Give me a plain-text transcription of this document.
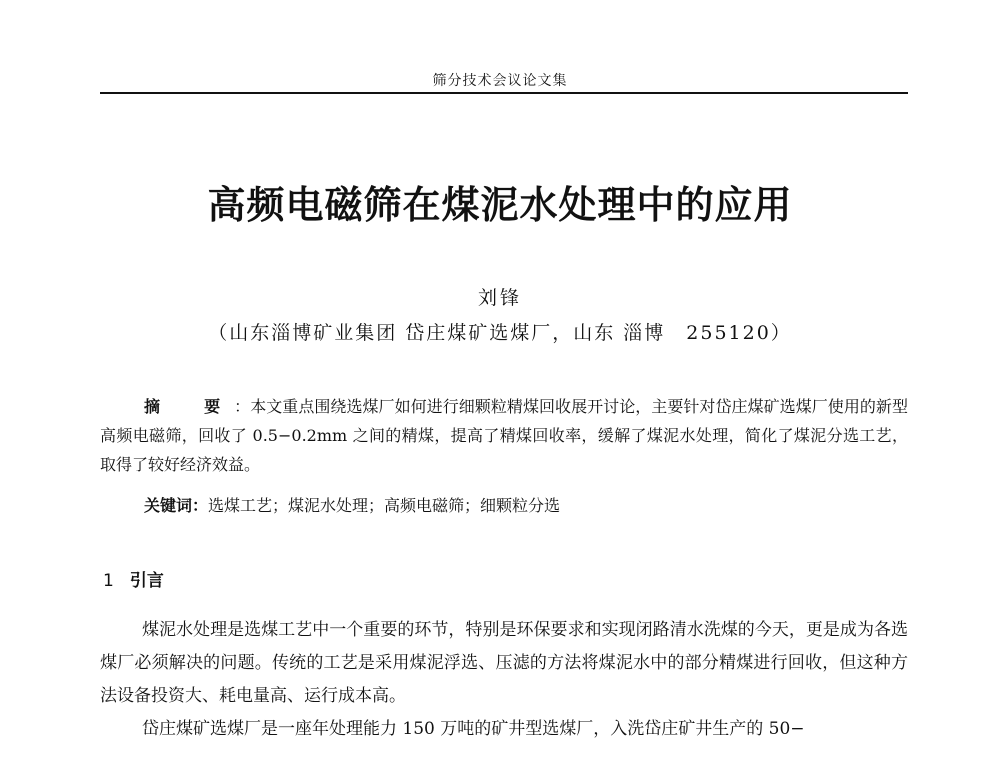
筛分技术会议论文集
高频电磁筛在煤泥水处理中的应用
刘锋
（山东淄博矿业集团 岱庄煤矿选煤厂，山东 淄博　255120）

摘　要：本文重点围绕选煤厂如何进行细颗粒精煤回收展开讨论，主要针对岱庄煤矿选煤厂使用的新型高频电磁筛，回收了 0.5−0.2mm 之间的精煤，提高了精煤回收率，缓解了煤泥水处理，简化了煤泥分选工艺，取得了较好经济效益。

关键词：选煤工艺；煤泥水处理；高频电磁筛；细颗粒分选

1 引言

煤泥水处理是选煤工艺中一个重要的环节，特别是环保要求和实现闭路清水洗煤的今天，更是成为各选煤厂必须解决的问题。传统的工艺是采用煤泥浮选、压滤的方法将煤泥水中的部分精煤进行回收，但这种方法设备投资大、耗电量高、运行成本高。

岱庄煤矿选煤厂是一座年处理能力 150 万吨的矿井型选煤厂，入洗岱庄矿井生产的 50−
